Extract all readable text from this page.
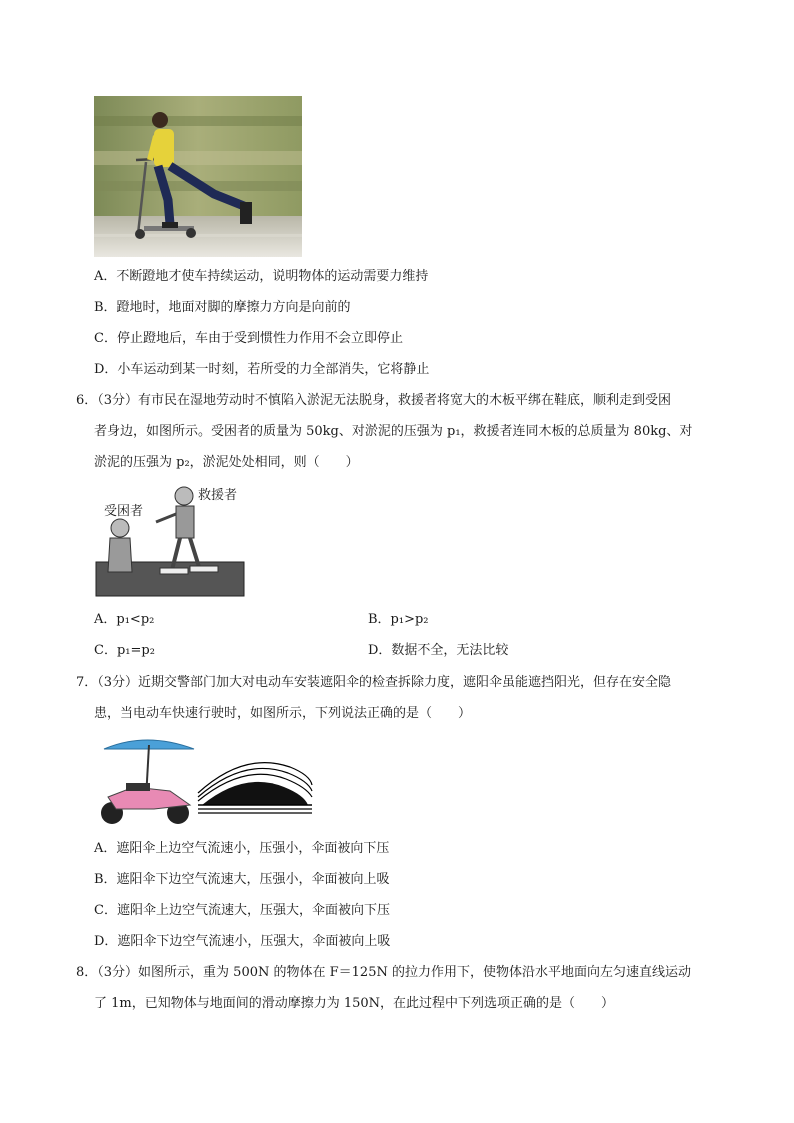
A．不断蹬地才使车持续运动，说明物体的运动需要力维持
B．蹬地时，地面对脚的摩擦力方向是向前的
C．停止蹬地后，车由于受到惯性力作用不会立即停止
D．小车运动到某一时刻，若所受的力全部消失，它将静止
6．（3分）有市民在湿地劳动时不慎陷入淤泥无法脱身，救援者将宽大的木板平绑在鞋底，顺利走到受困
者身边，如图所示。受困者的质量为 50kg、对淤泥的压强为 p₁，救援者连同木板的总质量为 80kg、对
淤泥的压强为 p₂，淤泥处处相同，则（　　）
受困者
救援者
A．p₁<p₂	B．p₁>p₂
C．p₁=p₂	D．数据不全，无法比较
7．（3分）近期交警部门加大对电动车安装遮阳伞的检查拆除力度，遮阳伞虽能遮挡阳光，但存在安全隐
患，当电动车快速行驶时，如图所示，下列说法正确的是（　　）
A．遮阳伞上边空气流速小，压强小，伞面被向下压
B．遮阳伞下边空气流速大，压强小，伞面被向上吸
C．遮阳伞上边空气流速大，压强大，伞面被向下压
D．遮阳伞下边空气流速小，压强大，伞面被向上吸
8．（3分）如图所示，重为 500N 的物体在 F＝125N 的拉力作用下，使物体沿水平地面向左匀速直线运动
了 1m，已知物体与地面间的滑动摩擦力为 150N，在此过程中下列选项正确的是（　　）
